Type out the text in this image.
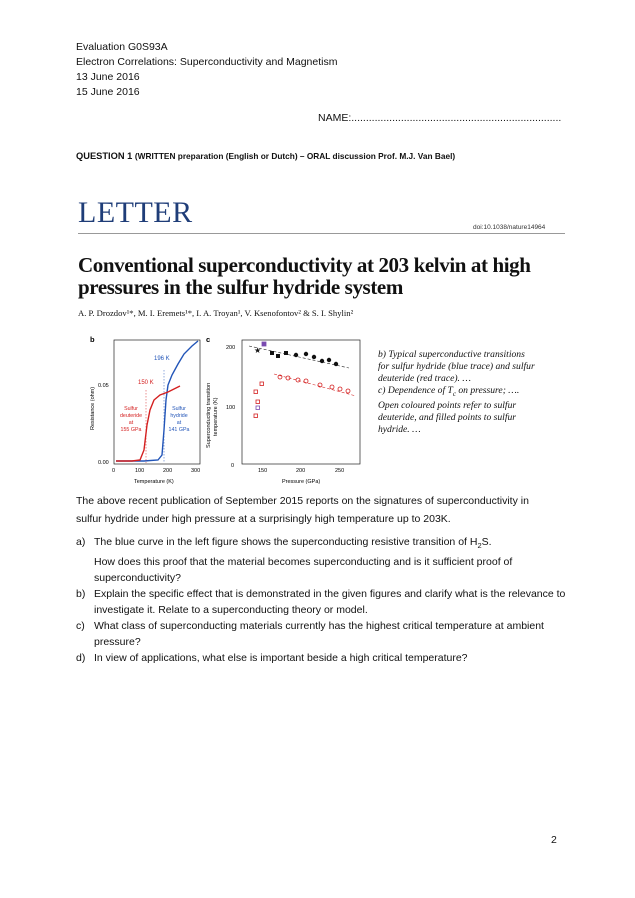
Evaluation G0S93A
Electron Correlations: Superconductivity and Magnetism
13 June 2016
15 June 2016
NAME:........................................................................
QUESTION 1 (WRITTEN preparation (English or Dutch) – ORAL discussion Prof. M.J. Van Bael)
LETTER	doi:10.1038/nature14964
Conventional superconductivity at 203 kelvin at high
pressures in the sulfur hydride system
A. P. Drozdov¹*, M. I. Eremets¹*, I. A. Troyan¹, V. Ksenofontov² & S. I. Shylin²
b
Resistance (ohm)
0.05
0.00
0	100	200	300
Temperature (K)
196 K
150 K
Sulfur
deuteride
at
155 GPa
Sulfur
hydride
at
141 GPa
c
Superconducting transition temperature (K)
200
100
0
150	200	250
Pressure (GPa)
★	b) Typical superconductive transitions
for sulfur hydride (blue trace) and sulfur
deuteride (red trace). …
c) Dependence of $T_c$ on pressure; ….
Open coloured points refer to sulfur
deuteride, and filled points to sulfur
hydride. …
The above recent publication of September 2015 reports on the signatures of superconductivity in sulfur hydride under high pressure at a surprisingly high temperature up to 203K.
a) The blue curve in the left figure shows the superconducting resistive transition of $H_2S$.
How does this proof that the material becomes superconducting and is it sufficient proof of superconductivity?
b) Explain the specific effect that is demonstrated in the given figures and clarify what is the relevance to investigate it. Relate to a superconducting theory or model.
c) What class of superconducting materials currently has the highest critical temperature at ambient pressure?
d) In view of applications, what else is important beside a high critical temperature?
2
